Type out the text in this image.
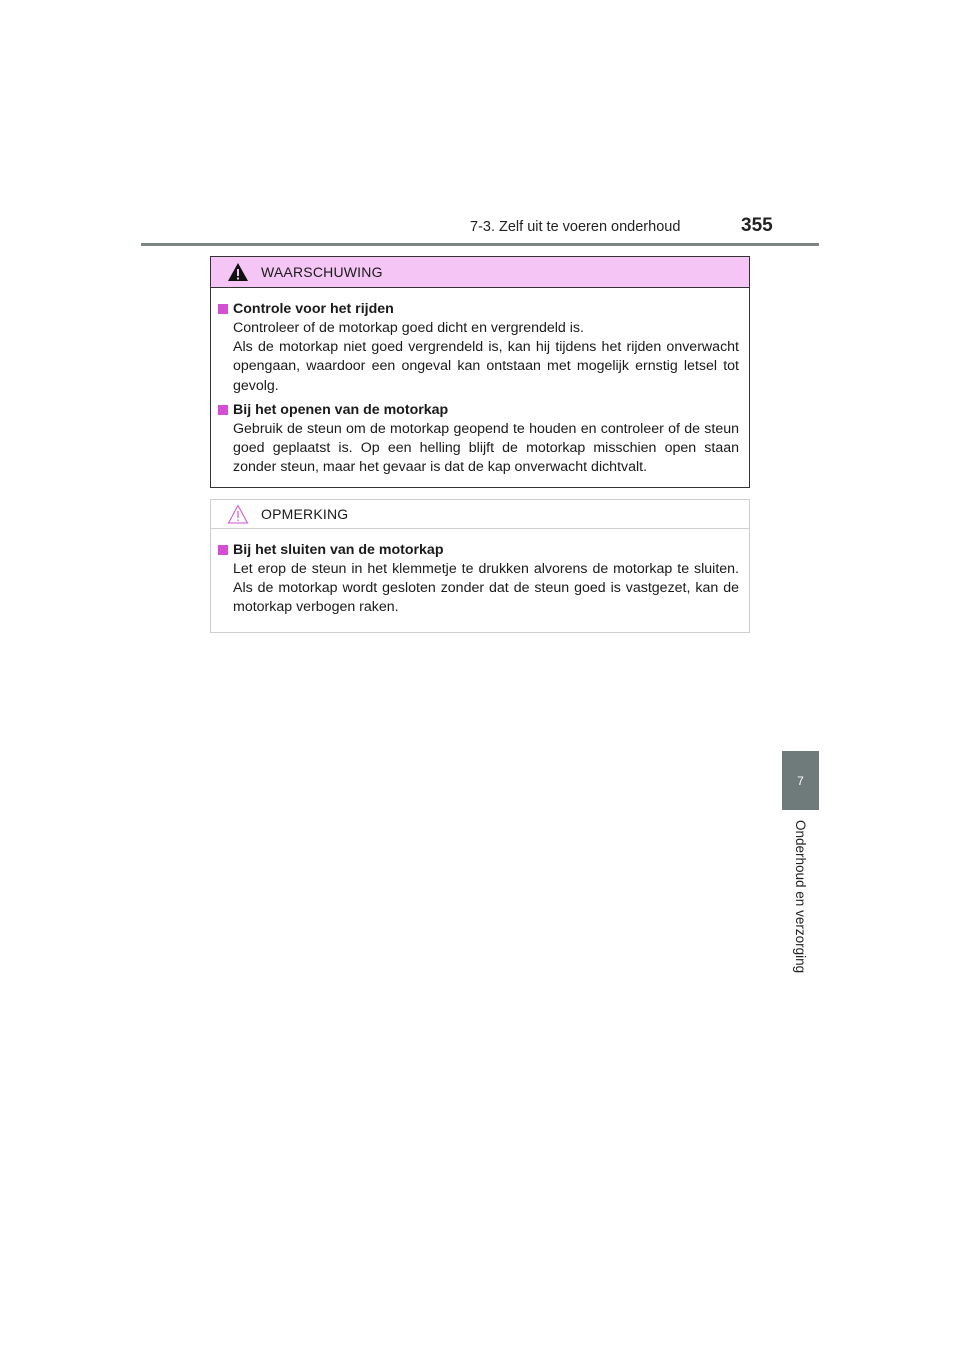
7-3. Zelf uit te voeren onderhoud	355
7
Onderhoud en verzorging
WAARSCHUWING
Controle voor het rijden

Controleer of de motorkap goed dicht en vergrendeld is.

Als de motorkap niet goed vergrendeld is, kan hij tijdens het rijden onverwacht opengaan, waardoor een ongeval kan ontstaan met mogelijk ernstig letsel tot gevolg.

Bij het openen van de motorkap

Gebruik de steun om de motorkap geopend te houden en controleer of de steun goed geplaatst is. Op een helling blijft de motorkap misschien open staan zonder steun, maar het gevaar is dat de kap onverwacht dichtvalt.

OPMERKING
Bij het sluiten van de motorkap

Let erop de steun in het klemmetje te drukken alvorens de motorkap te sluiten. Als de motorkap wordt gesloten zonder dat de steun goed is vastgezet, kan de motorkap verbogen raken.
